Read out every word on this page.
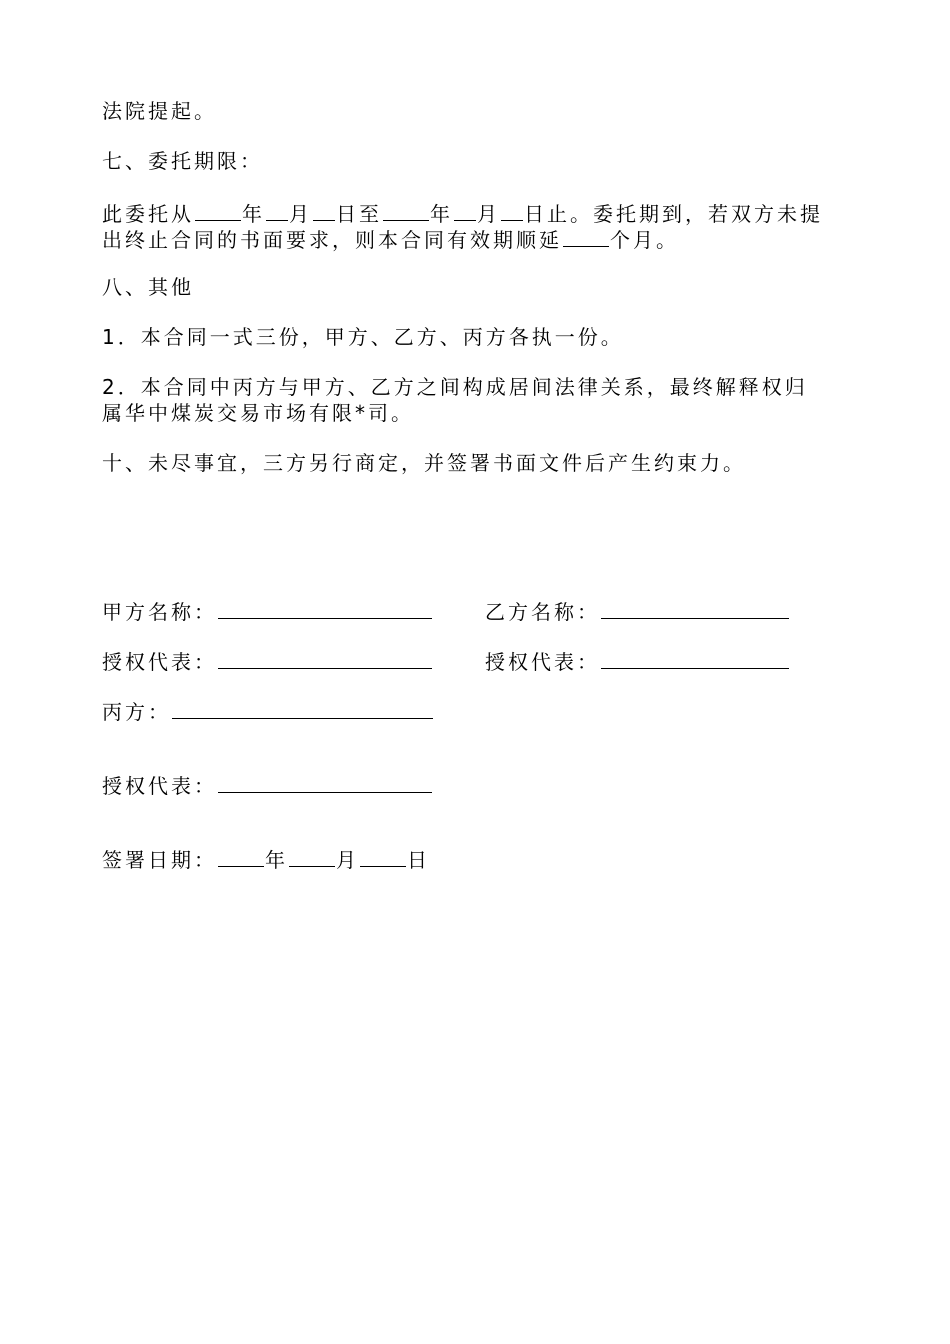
法院提起。
七、委托期限：
此委托从 年 月 日至 年 月 日止。委托期到，若双方未提
出终止合同的书面要求，则本合同有效期顺延 个月。
八、其他
1．本合同一式三份，甲方、乙方、丙方各执一份。
2．本合同中丙方与甲方、乙方之间构成居间法律关系，最终解释权归
属华中煤炭交易市场有限*司。
十、未尽事宜，三方另行商定，并签署书面文件后产生约束力。
甲方名称：	乙方名称：
授权代表：	授权代表：
丙方：
授权代表：
签署日期： 年 月 日
